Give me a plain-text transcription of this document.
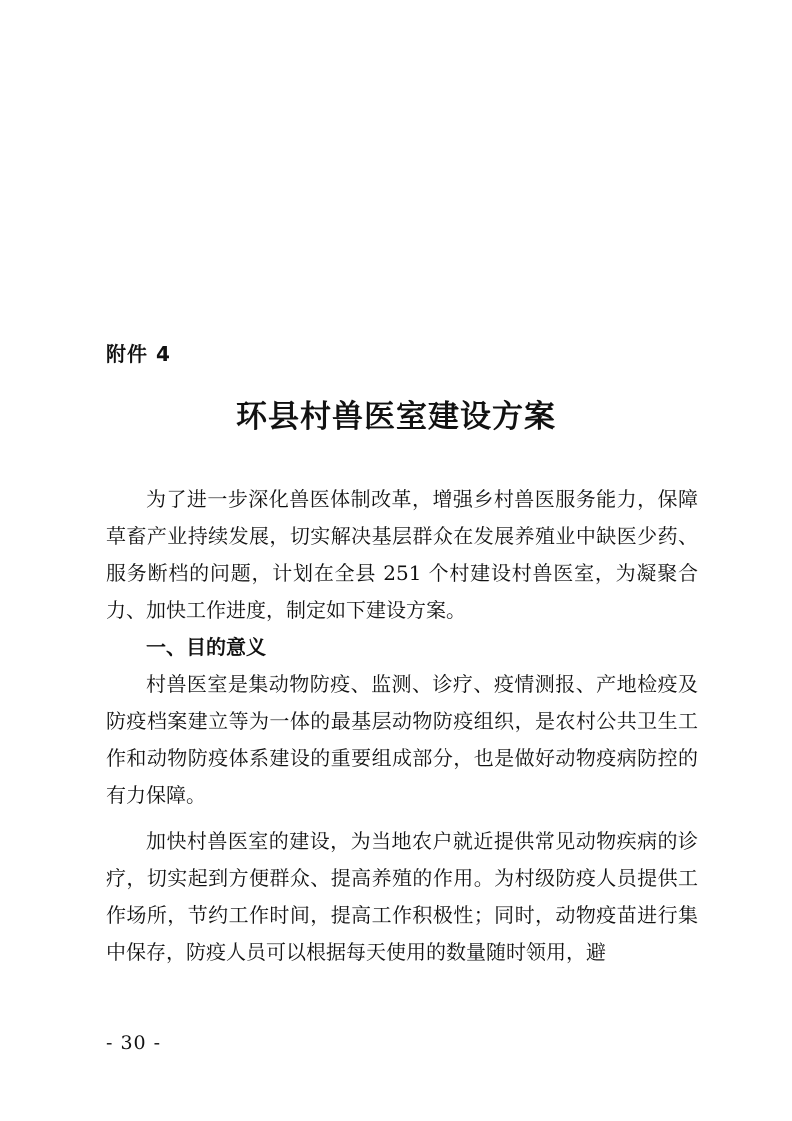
附件 4
环县村兽医室建设方案

为了进一步深化兽医体制改革，增强乡村兽医服务能力，保障草畜产业持续发展，切实解决基层群众在发展养殖业中缺医少药、服务断档的问题，计划在全县 251 个村建设村兽医室，为凝聚合力、加快工作进度，制定如下建设方案。

一、目的意义

村兽医室是集动物防疫、监测、诊疗、疫情测报、产地检疫及防疫档案建立等为一体的最基层动物防疫组织，是农村公共卫生工作和动物防疫体系建设的重要组成部分，也是做好动物疫病防控的有力保障。

加快村兽医室的建设，为当地农户就近提供常见动物疾病的诊疗，切实起到方便群众、提高养殖的作用。为村级防疫人员提供工作场所，节约工作时间，提高工作积极性；同时，动物疫苗进行集中保存，防疫人员可以根据每天使用的数量随时领用，避

- 30 -
